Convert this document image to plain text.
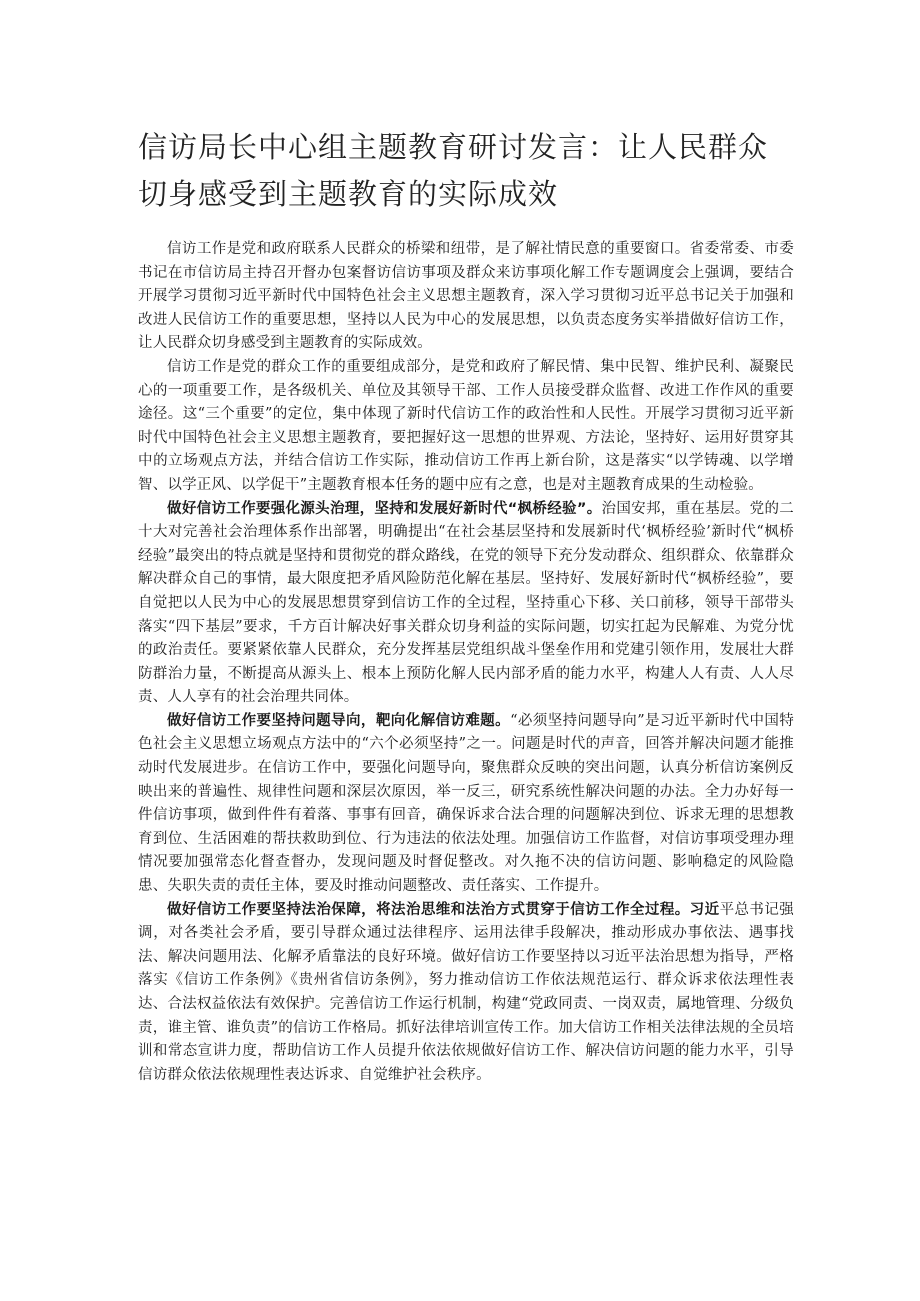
信访局长中心组主题教育研讨发言：让人民群众切身感受到主题教育的实际成效

信访工作是党和政府联系人民群众的桥梁和纽带，是了解社情民意的重要窗口。省委常委、市委书记在市信访局主持召开督办包案督访信访事项及群众来访事项化解工作专题调度会上强调，要结合开展学习贯彻习近平新时代中国特色社会主义思想主题教育，深入学习贯彻习近平总书记关于加强和改进人民信访工作的重要思想，坚持以人民为中心的发展思想，以负责态度务实举措做好信访工作，让人民群众切身感受到主题教育的实际成效。

信访工作是党的群众工作的重要组成部分，是党和政府了解民情、集中民智、维护民利、凝聚民心的一项重要工作，是各级机关、单位及其领导干部、工作人员接受群众监督、改进工作作风的重要途径。这“三个重要”的定位，集中体现了新时代信访工作的政治性和人民性。开展学习贯彻习近平新时代中国特色社会主义思想主题教育，要把握好这一思想的世界观、方法论，坚持好、运用好贯穿其中的立场观点方法，并结合信访工作实际，推动信访工作再上新台阶，这是落实“以学铸魂、以学增智、以学正风、以学促干”主题教育根本任务的题中应有之意，也是对主题教育成果的生动检验。

做好信访工作要强化源头治理，坚持和发展好新时代“枫桥经验”。治国安邦，重在基层。党的二十大对完善社会治理体系作出部署，明确提出“在社会基层坚持和发展新时代‘枫桥经验’新时代“枫桥经验”最突出的特点就是坚持和贯彻党的群众路线，在党的领导下充分发动群众、组织群众、依靠群众解决群众自己的事情，最大限度把矛盾风险防范化解在基层。坚持好、发展好新时代“枫桥经验”，要自觉把以人民为中心的发展思想贯穿到信访工作的全过程，坚持重心下移、关口前移，领导干部带头落实“四下基层”要求，千方百计解决好事关群众切身利益的实际问题，切实扛起为民解难、为党分忧的政治责任。要紧紧依靠人民群众，充分发挥基层党组织战斗堡垒作用和党建引领作用，发展壮大群防群治力量，不断提高从源头上、根本上预防化解人民内部矛盾的能力水平，构建人人有责、人人尽责、人人享有的社会治理共同体。

做好信访工作要坚持问题导向，靶向化解信访难题。“必须坚持问题导向”是习近平新时代中国特色社会主义思想立场观点方法中的“六个必须坚持”之一。问题是时代的声音，回答并解决问题才能推动时代发展进步。在信访工作中，要强化问题导向，聚焦群众反映的突出问题，认真分析信访案例反映出来的普遍性、规律性问题和深层次原因，举一反三，研究系统性解决问题的办法。全力办好每一件信访事项，做到件件有着落、事事有回音，确保诉求合法合理的问题解决到位、诉求无理的思想教育到位、生活困难的帮扶救助到位、行为违法的依法处理。加强信访工作监督，对信访事项受理办理情况要加强常态化督查督办，发现问题及时督促整改。对久拖不决的信访问题、影响稳定的风险隐患、失职失责的责任主体，要及时推动问题整改、责任落实、工作提升。

做好信访工作要坚持法治保障，将法治思维和法治方式贯穿于信访工作全过程。习近平总书记强调，对各类社会矛盾，要引导群众通过法律程序、运用法律手段解决，推动形成办事依法、遇事找法、解决问题用法、化解矛盾靠法的良好环境。做好信访工作要坚持以习近平法治思想为指导，严格落实《信访工作条例》《贵州省信访条例》，努力推动信访工作依法规范运行、群众诉求依法理性表达、合法权益依法有效保护。完善信访工作运行机制，构建“党政同责、一岗双责，属地管理、分级负责，谁主管、谁负责”的信访工作格局。抓好法律培训宣传工作。加大信访工作相关法律法规的全员培训和常态宣讲力度，帮助信访工作人员提升依法依规做好信访工作、解决信访问题的能力水平，引导信访群众依法依规理性表达诉求、自觉维护社会秩序。
